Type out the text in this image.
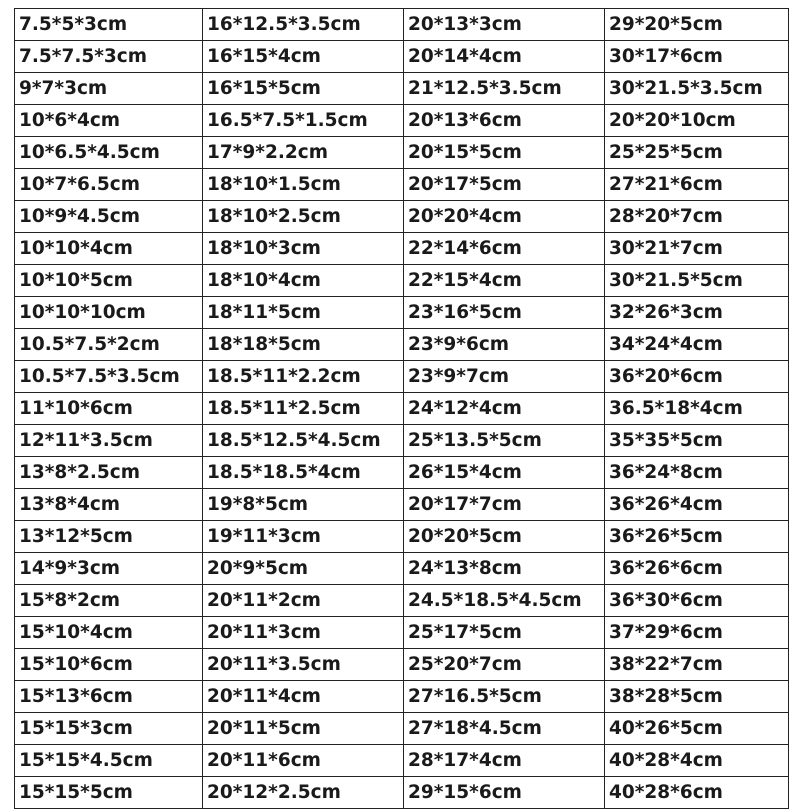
7.5*5*3cm	16*12.5*3.5cm	20*13*3cm	29*20*5cm
7.5*7.5*3cm	16*15*4cm	20*14*4cm	30*17*6cm
9*7*3cm	16*15*5cm	21*12.5*3.5cm	30*21.5*3.5cm
10*6*4cm	16.5*7.5*1.5cm	20*13*6cm	20*20*10cm
10*6.5*4.5cm	17*9*2.2cm	20*15*5cm	25*25*5cm
10*7*6.5cm	18*10*1.5cm	20*17*5cm	27*21*6cm
10*9*4.5cm	18*10*2.5cm	20*20*4cm	28*20*7cm
10*10*4cm	18*10*3cm	22*14*6cm	30*21*7cm
10*10*5cm	18*10*4cm	22*15*4cm	30*21.5*5cm
10*10*10cm	18*11*5cm	23*16*5cm	32*26*3cm
10.5*7.5*2cm	18*18*5cm	23*9*6cm	34*24*4cm
10.5*7.5*3.5cm	18.5*11*2.2cm	23*9*7cm	36*20*6cm
11*10*6cm	18.5*11*2.5cm	24*12*4cm	36.5*18*4cm
12*11*3.5cm	18.5*12.5*4.5cm	25*13.5*5cm	35*35*5cm
13*8*2.5cm	18.5*18.5*4cm	26*15*4cm	36*24*8cm
13*8*4cm	19*8*5cm	20*17*7cm	36*26*4cm
13*12*5cm	19*11*3cm	20*20*5cm	36*26*5cm
14*9*3cm	20*9*5cm	24*13*8cm	36*26*6cm
15*8*2cm	20*11*2cm	24.5*18.5*4.5cm	36*30*6cm
15*10*4cm	20*11*3cm	25*17*5cm	37*29*6cm
15*10*6cm	20*11*3.5cm	25*20*7cm	38*22*7cm
15*13*6cm	20*11*4cm	27*16.5*5cm	38*28*5cm
15*15*3cm	20*11*5cm	27*18*4.5cm	40*26*5cm
15*15*4.5cm	20*11*6cm	28*17*4cm	40*28*4cm
15*15*5cm	20*12*2.5cm	29*15*6cm	40*28*6cm
